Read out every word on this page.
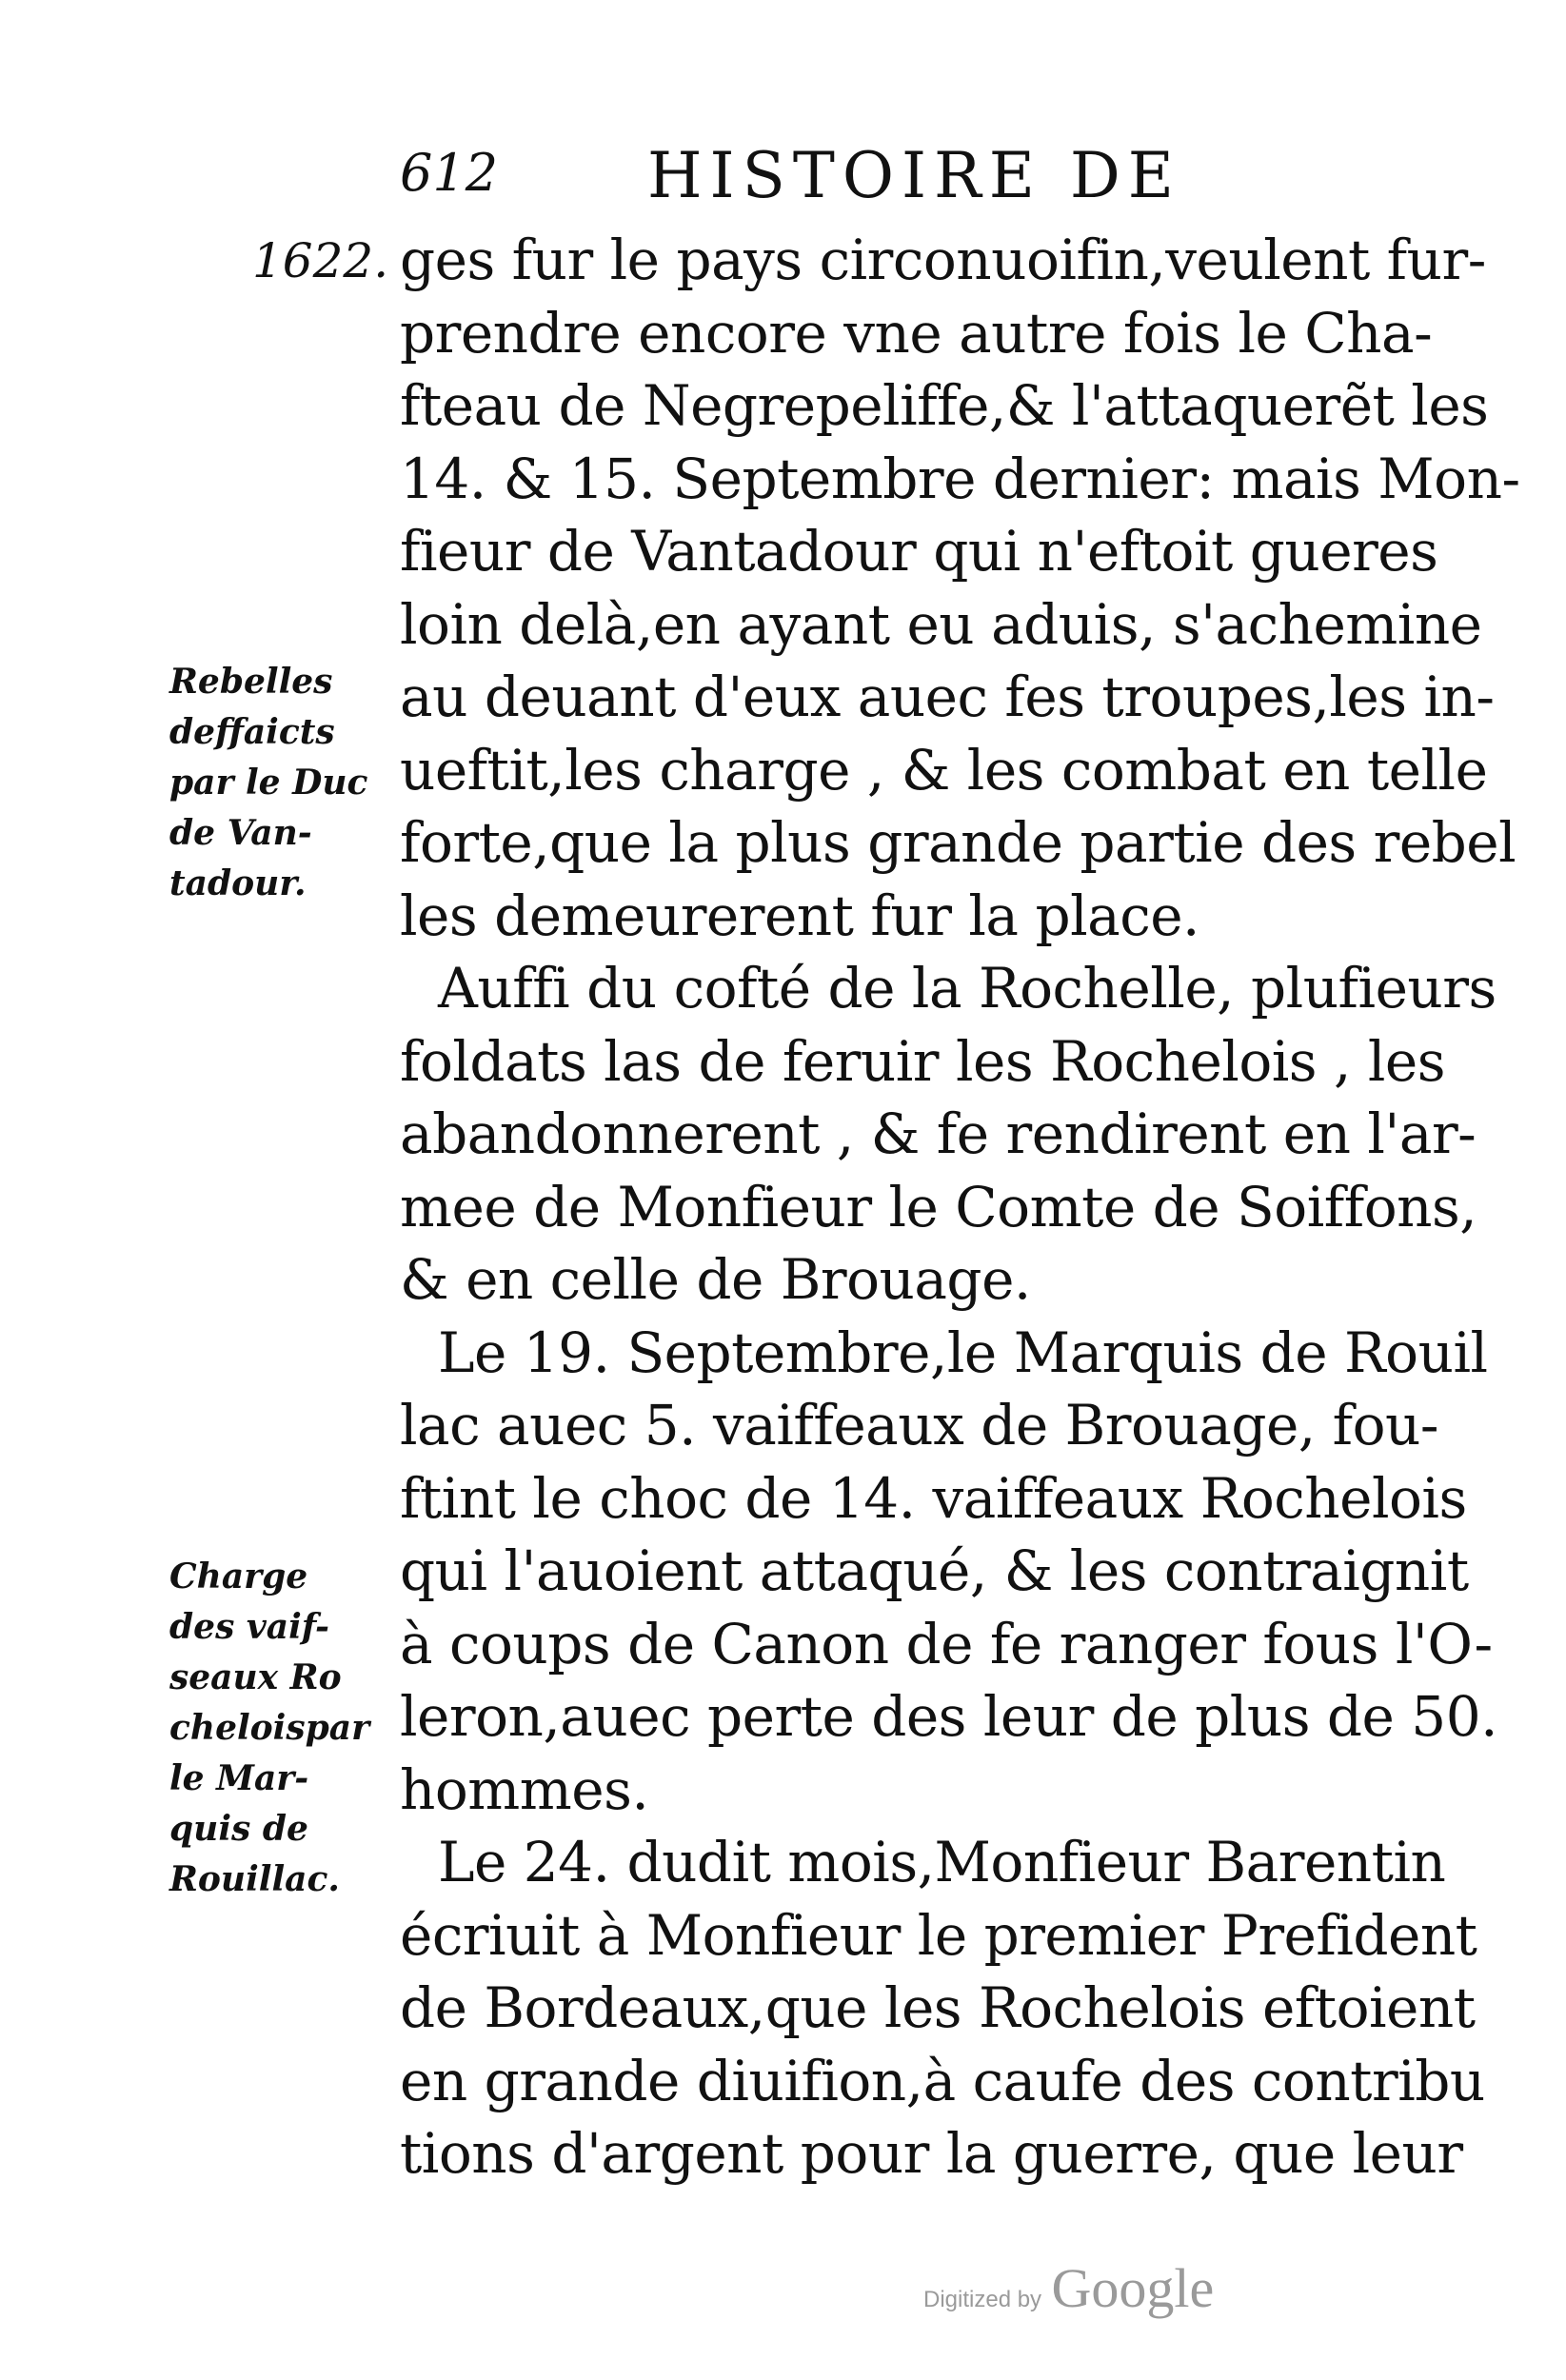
612 HISTOIRE DE
1622.
Rebelles
deffaicts
par le Duc
de Van-
tadour.
Charge
des vaif-
seaux Ro
cheloispar
le Mar-
quis de
Rouillac.
ges fur le pays circonuoifin,veulent fur-
prendre encore vne autre fois le Cha-
fteau de Negrepeliffe,& l'attaquerẽt les
14. & 15. Septembre dernier: mais Mon-
fieur de Vantadour qui n'eftoit gueres
loin delà,en ayant eu aduis, s'achemine
au deuant d'eux auec fes troupes,les in-
ueftit,les charge , & les combat en telle
forte,que la plus grande partie des rebel
les demeurerent fur la place.
Auffi du cofté de la Rochelle, plufieurs
foldats las de feruir les Rochelois , les
abandonnerent , & fe rendirent en l'ar-
mee de Monfieur le Comte de Soiffons,
& en celle de Brouage.
Le 19. Septembre,le Marquis de Rouil
lac auec 5. vaiffeaux de Brouage, fou-
ftint le choc de 14. vaiffeaux Rochelois
qui l'auoient attaqué, & les contraignit
à coups de Canon de fe ranger fous l'O-
leron,auec perte des leur de plus de 50.
hommes.
Le 24. dudit mois,Monfieur Barentin
écriuit à Monfieur le premier Prefident
de Bordeaux,que les Rochelois eftoient
en grande diuifion,à caufe des contribu
tions d'argent pour la guerre, que leur
Digitized by Google
